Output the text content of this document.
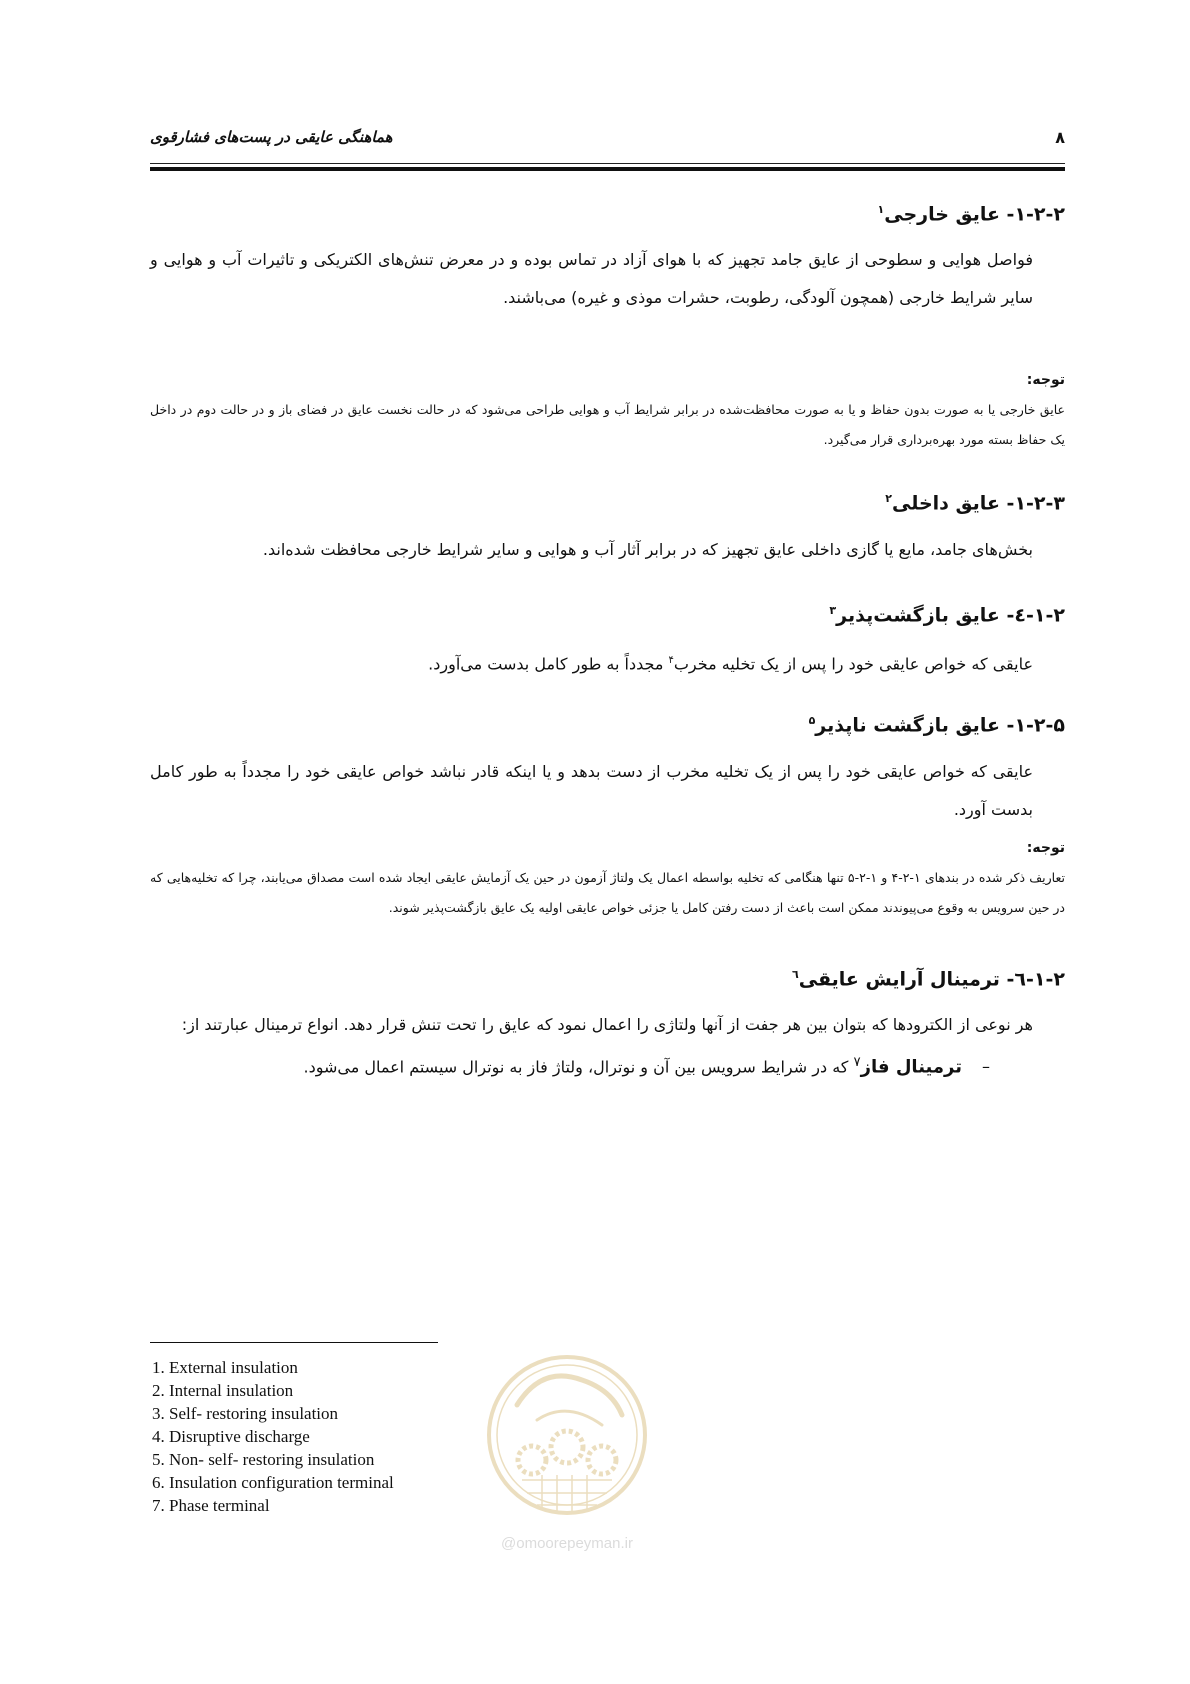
هماهنگی عایقی در پست‌های فشارقوی	۸
۱-۲-۲- عایق خارجی$^۱$

فواصل هوایی و سطوحی از عایق جامد تجهیز که با هوای آزاد در تماس بوده و در معرض تنش‌های الکتریکی و تاثیرات آب و هوایی و سایر شرایط خارجی (همچون آلودگی، رطوبت، حشرات موذی و غیره) می‌باشند.

توجه:

عایق خارجی یا به صورت بدون حفاظ و یا به صورت محافظت‌شده در برابر شرایط آب و هوایی طراحی می‌شود که در حالت نخست عایق در فضای باز و در حالت دوم در داخل یک حفاظ بسته مورد بهره‌برداری قرار می‌گیرد.

۱-۲-۳- عایق داخلی$^۲$

بخش‌های جامد، مایع یا گازی داخلی عایق تجهیز که در برابر آثار آب و هوایی و سایر شرایط خارجی محافظت شده‌اند.

۱-۲-٤- عایق بازگشت‌پذیر$^۳$

عایقی که خواص عایقی خود را پس از یک تخلیه مخرب$^۴$ مجدداً به طور کامل بدست می‌آورد.

۱-۲-۵- عایق بازگشت ناپذیر$^۵$

عایقی که خواص عایقی خود را پس از یک تخلیه مخرب از دست بدهد و یا اینکه قادر نباشد خواص عایقی خود را مجدداً به طور کامل بدست آورد.

توجه:

تعاریف ذکر شده در بندهای ۱-۲-۴ و ۱-۲-۵ تنها هنگامی که تخلیه بواسطه اعمال یک ولتاژ آزمون در حین یک آزمایش عایقی ایجاد شده است مصداق می‌یابند، چرا که تخلیه‌هایی که در حین سرویس به وقوع می‌پیوندند ممکن است باعث از دست رفتن کامل یا جزئی خواص عایقی اولیه یک عایق بازگشت‌پذیر شوند.

۱-۲-٦- ترمینال آرایش عایقی$^٦$

هر نوعی از الکترودها که بتوان بین هر جفت از آنها ولتاژی را اعمال نمود که عایق را تحت تنش قرار دهد. انواع ترمینال عبارتند از:

–ترمینال فاز$^۷$ که در شرایط سرویس بین آن و نوترال، ولتاژ فاز به نوترال سیستم اعمال می‌شود.
1. External insulation
2. Internal insulation
3. Self- restoring insulation
4. Disruptive discharge
5. Non- self- restoring insulation
6. Insulation configuration terminal
7. Phase terminal
@omoorepeyman.ir
